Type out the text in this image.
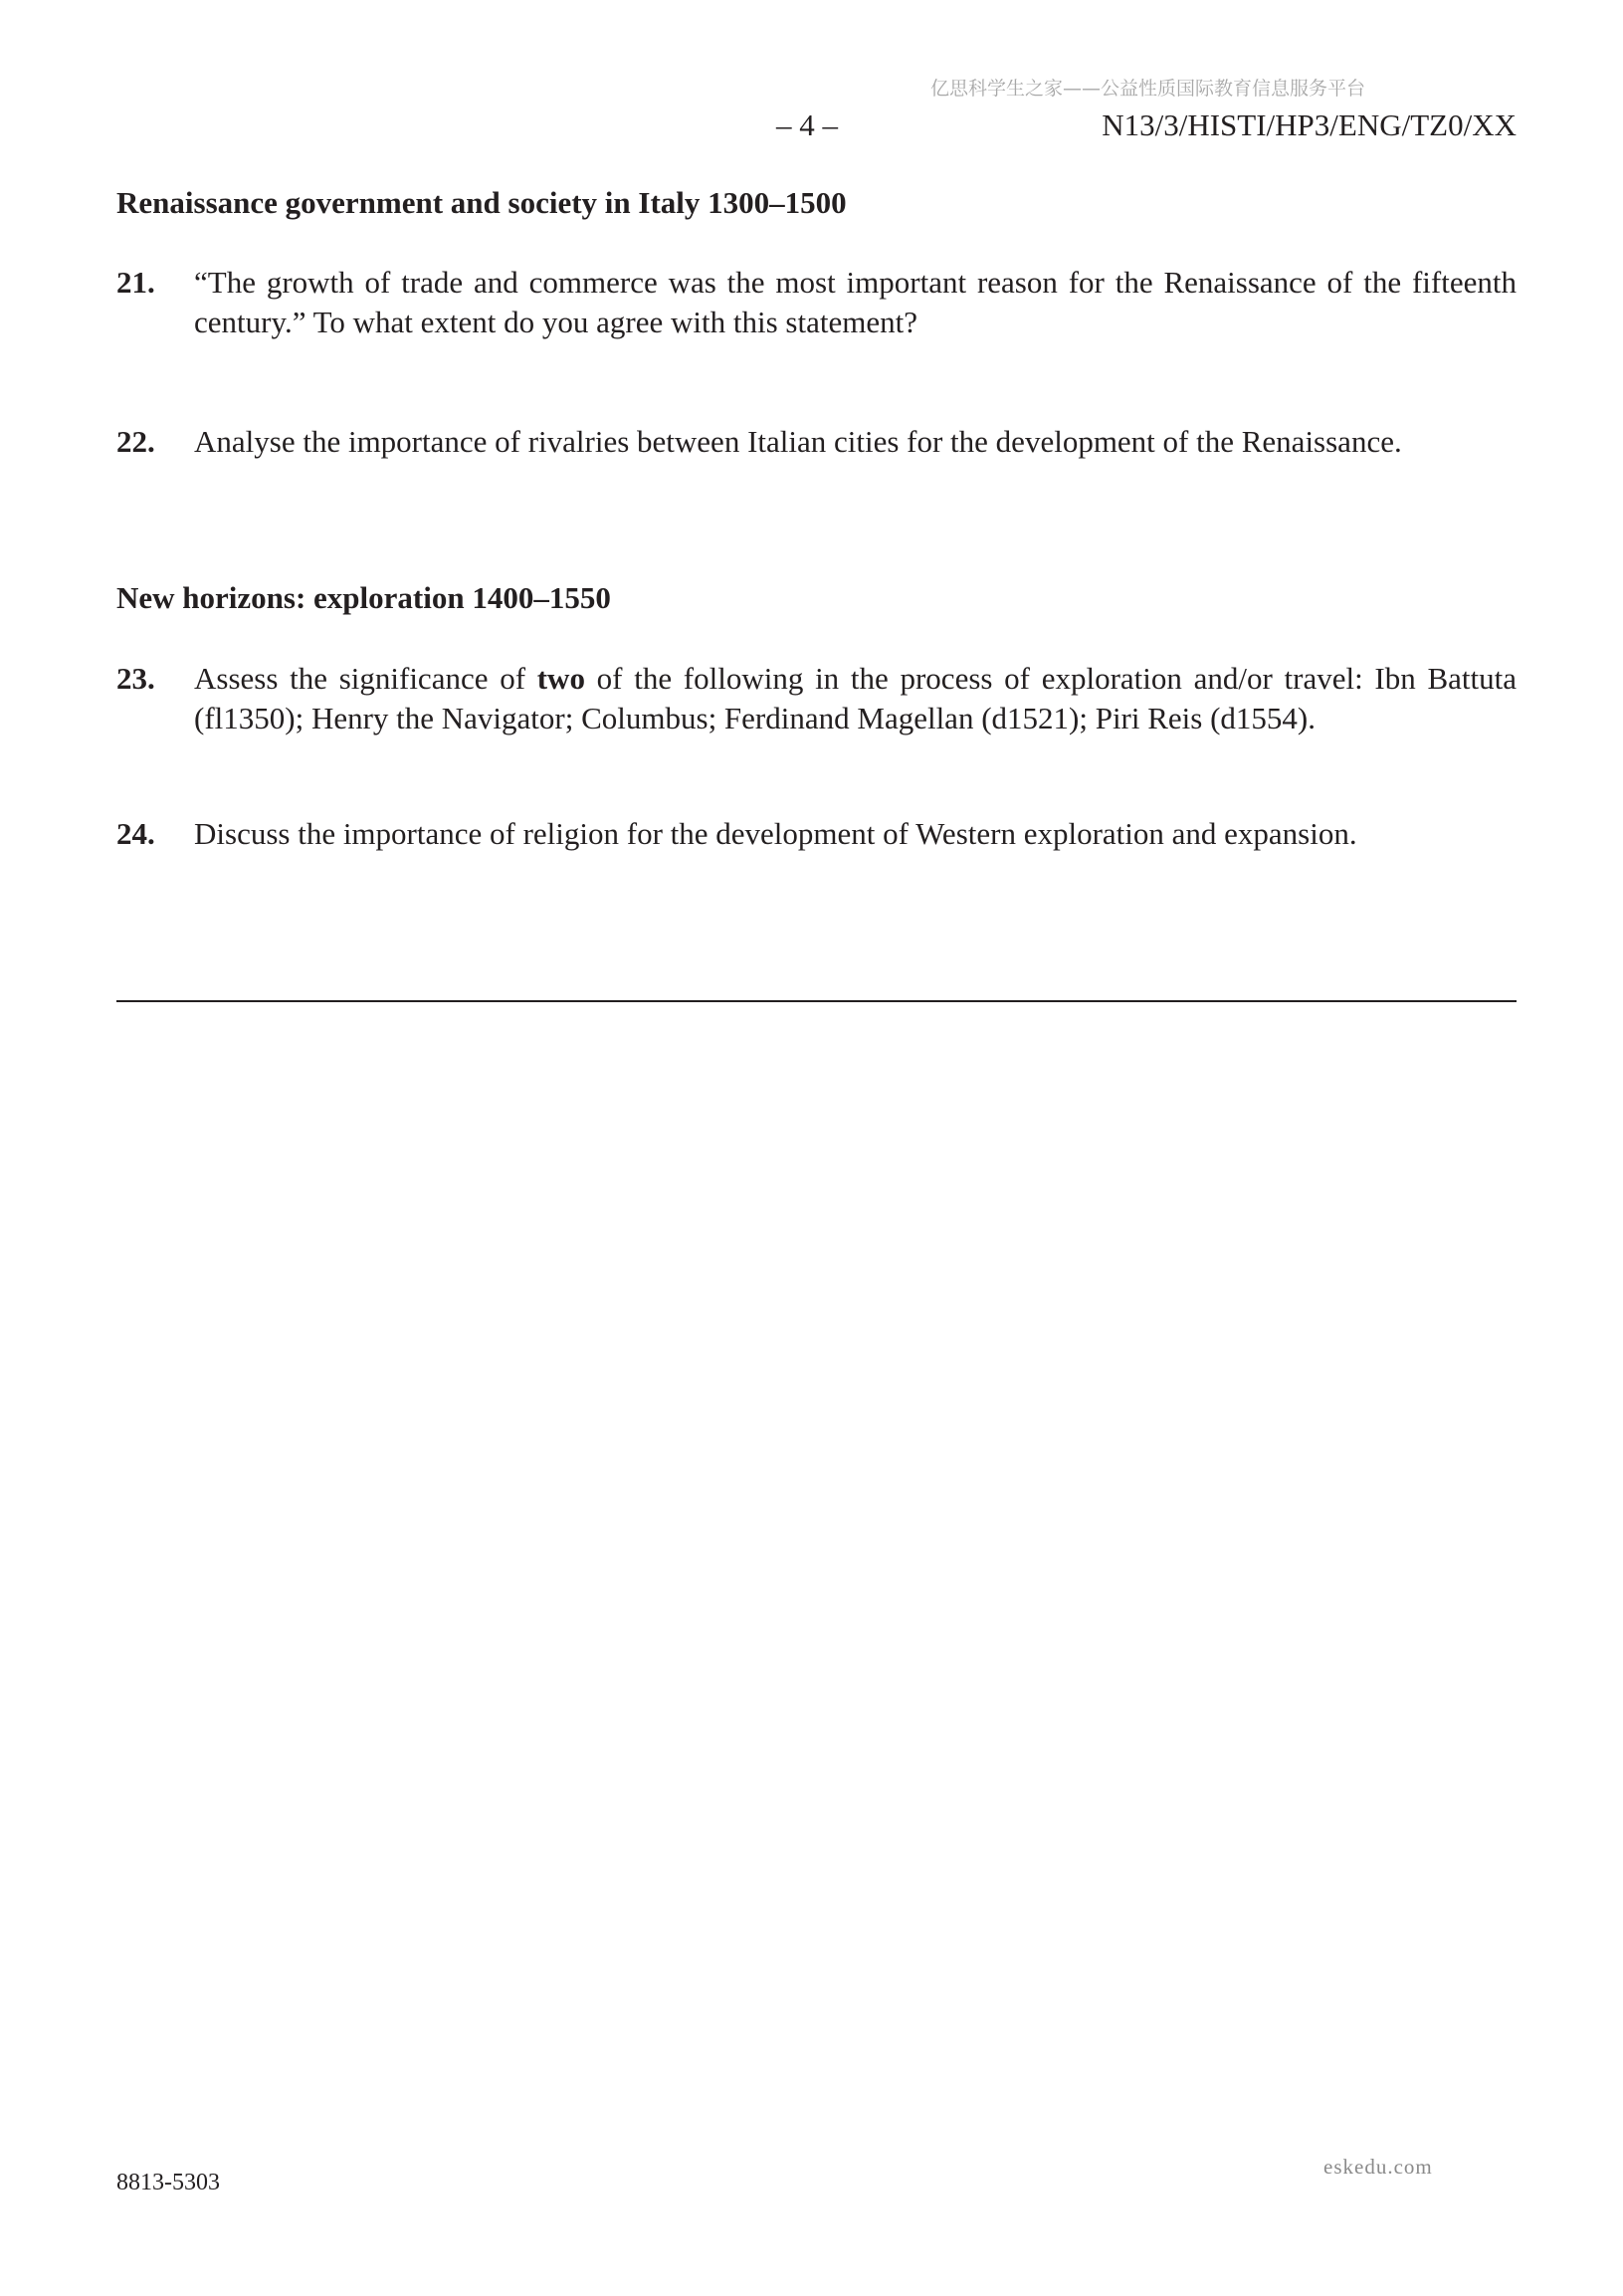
亿思科学生之家——公益性质国际教育信息服务平台
– 4 –	N13/3/HISTI/HP3/ENG/TZ0/XX
Renaissance government and society in Italy 1300–1500
21. “The growth of trade and commerce was the most important reason for the Renaissance of the fifteenth century.” To what extent do you agree with this statement?
22. Analyse the importance of rivalries between Italian cities for the development of the Renaissance.
New horizons: exploration 1400–1550
23. Assess the significance of two of the following in the process of exploration and/or travel: Ibn Battuta (fl1350); Henry the Navigator; Columbus; Ferdinand Magellan (d1521); Piri Reis (d1554).
24. Discuss the importance of religion for the development of Western exploration and expansion.
8813-5303
eskedu.com
